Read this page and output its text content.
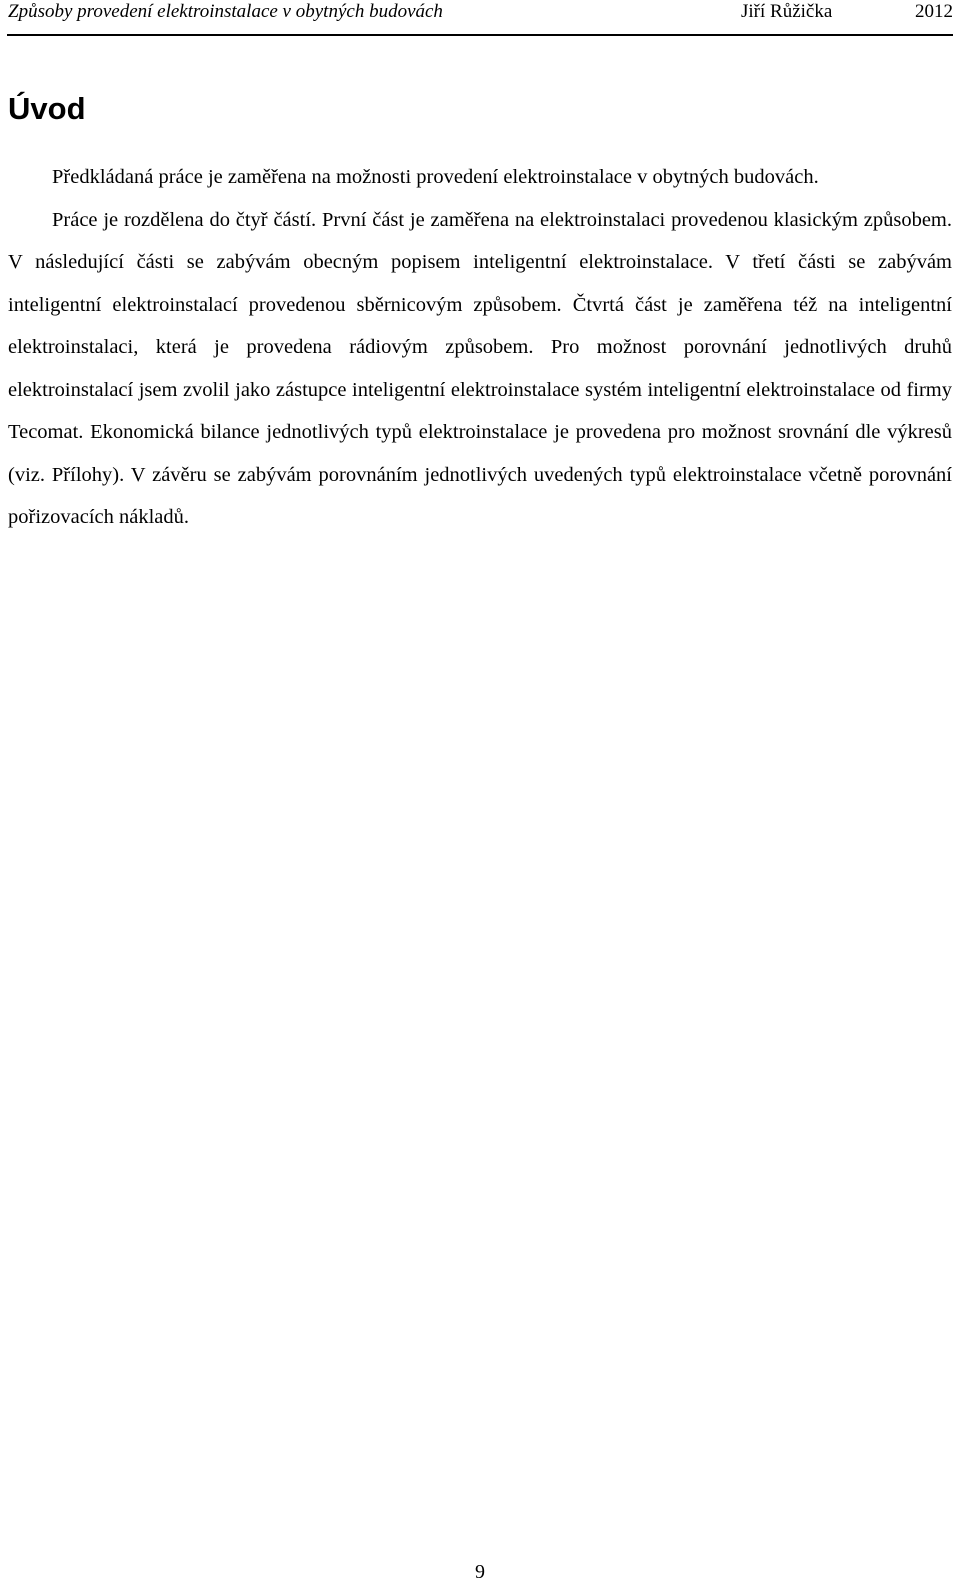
Způsoby provedení elektroinstalace v obytných budovách	Jiří Růžička	2012
Úvod

Předkládaná práce je zaměřena na možnosti provedení elektroinstalace v obytných budovách.

Práce je rozdělena do čtyř částí. První část je zaměřena na elektroinstalaci provedenou klasickým způsobem. V následující části se zabývám obecným popisem inteligentní elektroinstalace. V třetí části se zabývám inteligentní elektroinstalací provedenou sběrnicovým způsobem. Čtvrtá část je zaměřena též na inteligentní elektroinstalaci, která je provedena rádiovým způsobem. Pro možnost porovnání jednotlivých druhů elektroinstalací jsem zvolil jako zástupce inteligentní elektroinstalace systém inteligentní elektroinstalace od firmy Tecomat. Ekonomická bilance jednotlivých typů elektroinstalace je provedena pro možnost srovnání dle výkresů (viz. Přílohy). V závěru se zabývám porovnáním jednotlivých uvedených typů elektroinstalace včetně porovnání pořizovacích nákladů.

9
